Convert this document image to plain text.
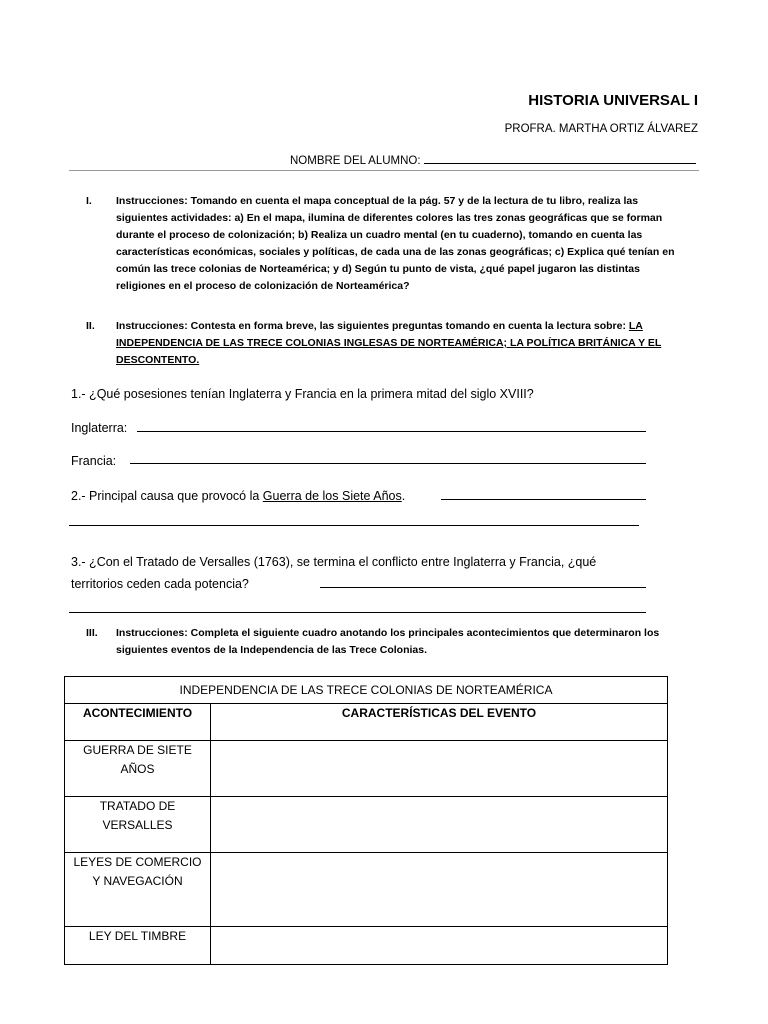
HISTORIA UNIVERSAL I
PROFRA. MARTHA ORTIZ ÁLVAREZ
NOMBRE DEL ALUMNO:
I. Instrucciones: Tomando en cuenta el mapa conceptual de la pág. 57 y de la lectura de tu libro, realiza las siguientes actividades: a) En el mapa, ilumina de diferentes colores las tres zonas geográficas que se forman durante el proceso de colonización; b) Realiza un cuadro mental (en tu cuaderno), tomando en cuenta las características económicas, sociales y políticas, de cada una de las zonas geográficas; c) Explica qué tenían en común las trece colonias de Norteamérica; y d) Según tu punto de vista, ¿qué papel jugaron las distintas religiones en el proceso de colonización de Norteamérica?
II. Instrucciones: Contesta en forma breve, las siguientes preguntas tomando en cuenta la lectura sobre: LA INDEPENDENCIA DE LAS TRECE COLONIAS INGLESAS DE NORTEAMÉRICA; LA POLÍTICA BRITÁNICA Y EL DESCONTENTO.
1.- ¿Qué posesiones tenían Inglaterra y Francia en la primera mitad del siglo XVIII?
Inglaterra:
Francia:
2.- Principal causa que provocó la Guerra de los Siete Años.
3.- ¿Con el Tratado de Versalles (1763), se termina el conflicto entre Inglaterra y Francia, ¿qué
territorios ceden cada potencia?
III. Instrucciones: Completa el siguiente cuadro anotando los principales acontecimientos que determinaron los siguientes eventos de la Independencia de las Trece Colonias.
INDEPENDENCIA DE LAS TRECE COLONIAS DE NORTEAMÉRICA	
ACONTECIMIENTO	CARACTERÍSTICAS DEL EVENTO
GUERRA DE SIETE AÑOS	
TRATADO DE VERSALLES	
LEYES DE COMERCIO Y NAVEGACIÓN	
LEY DEL TIMBRE	
